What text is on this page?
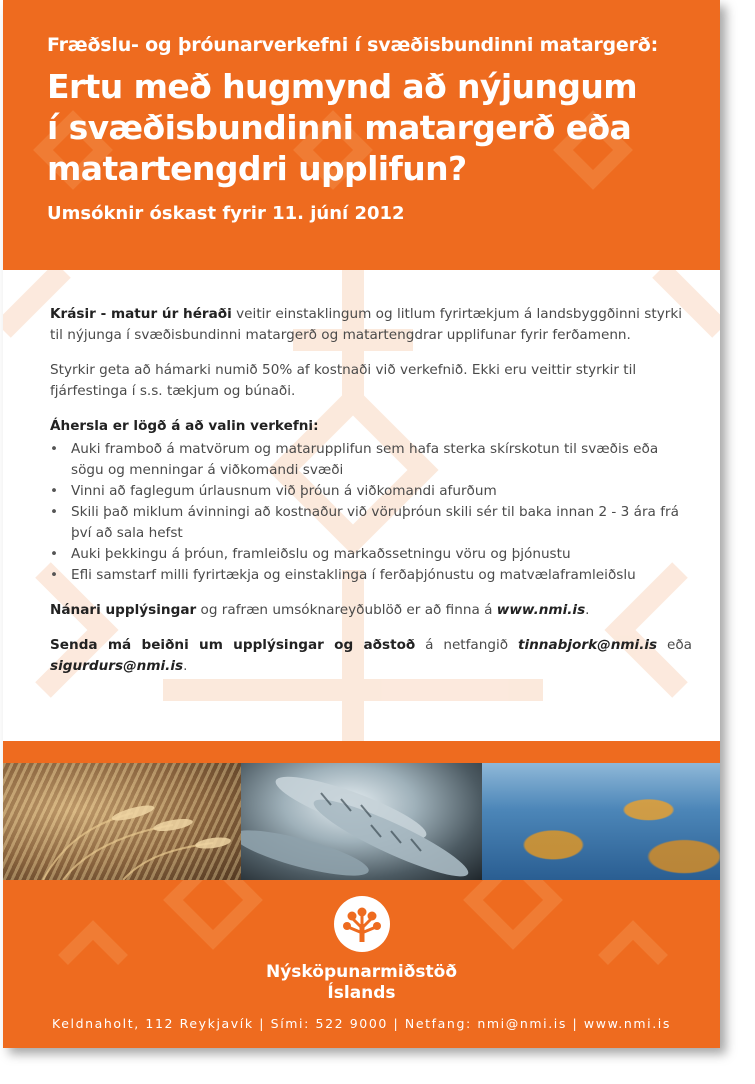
Fræðslu- og þróunarverkefni í svæðisbundinni matargerð:

Ertu með hugmynd að nýjungum
í svæðisbundinni matargerð eða
matartengdri upplifun?

Umsóknir óskast fyrir 11. júní 2012

Krásir - matur úr héraði veitir einstaklingum og litlum fyrirtækjum á landsbyggðinni styrki til nýjunga í svæðisbundinni matargerð og matartengdrar upplifunar fyrir ferðamenn.

Styrkir geta að hámarki numið 50% af kostnaði við verkefnið. Ekki eru veittir styrkir til fjárfestinga í s.s. tækjum og búnaði.

Áhersla er lögð á að valin verkefni:

• Auki framboð á matvörum og matarupplifun sem hafa sterka skírskotun til svæðis eða sögu og menningar á viðkomandi svæði
• Vinni að faglegum úrlausnum við þróun á viðkomandi afurðum
• Skili það miklum ávinningi að kostnaður við vöruþróun skili sér til baka innan 2 - 3 ára frá því að sala hefst
• Auki þekkingu á þróun, framleiðslu og markaðssetningu vöru og þjónustu
• Efli samstarf milli fyrirtækja og einstaklinga í ferðaþjónustu og matvælaframleiðslu

Nánari upplýsingar og rafræn umsóknareyðublöð er að finna á www.nmi.is.

Senda má beiðni um upplýsingar og aðstoð á netfangið tinnabjork@nmi.is eða sigurdurs@nmi.is.

Nýsköpunarmiðstöð
Íslands
Keldnaholt, 112 Reykjavík | Sími: 522 9000 | Netfang: nmi@nmi.is | www.nmi.is
